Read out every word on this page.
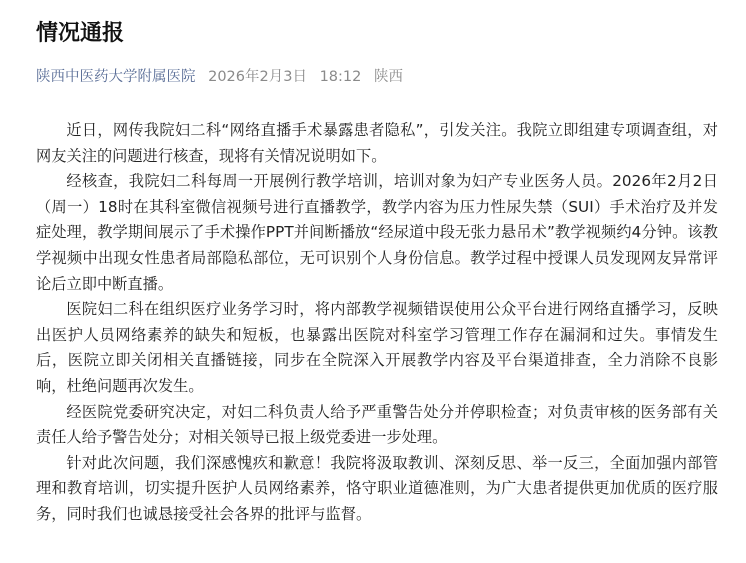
情况通报
陕西中医药大学附属医院 2026年2月3日 18:12 陕西

近日，网传我院妇二科“网络直播手术暴露患者隐私”，引发关注。我院立即组建专项调查组，对网友关注的问题进行核查，现将有关情况说明如下。

经核查，我院妇二科每周一开展例行教学培训，培训对象为妇产专业医务人员。2026年2月2日（周一）18时在其科室微信视频号进行直播教学，教学内容为压力性尿失禁（SUI）手术治疗及并发症处理，教学期间展示了手术操作PPT并间断播放“经尿道中段无张力悬吊术”教学视频约4分钟。该教学视频中出现女性患者局部隐私部位，无可识别个人身份信息。教学过程中授课人员发现网友异常评论后立即中断直播。

医院妇二科在组织医疗业务学习时，将内部教学视频错误使用公众平台进行网络直播学习，反映出医护人员网络素养的缺失和短板，也暴露出医院对科室学习管理工作存在漏洞和过失。事情发生后，医院立即关闭相关直播链接，同步在全院深入开展教学内容及平台渠道排查，全力消除不良影响，杜绝问题再次发生。

经医院党委研究决定，对妇二科负责人给予严重警告处分并停职检查；对负责审核的医务部有关责任人给予警告处分；对相关领导已报上级党委进一步处理。

针对此次问题，我们深感愧疚和歉意！我院将汲取教训、深刻反思、举一反三，全面加强内部管理和教育培训，切实提升医护人员网络素养，恪守职业道德准则，为广大患者提供更加优质的医疗服务，同时我们也诚恳接受社会各界的批评与监督。
